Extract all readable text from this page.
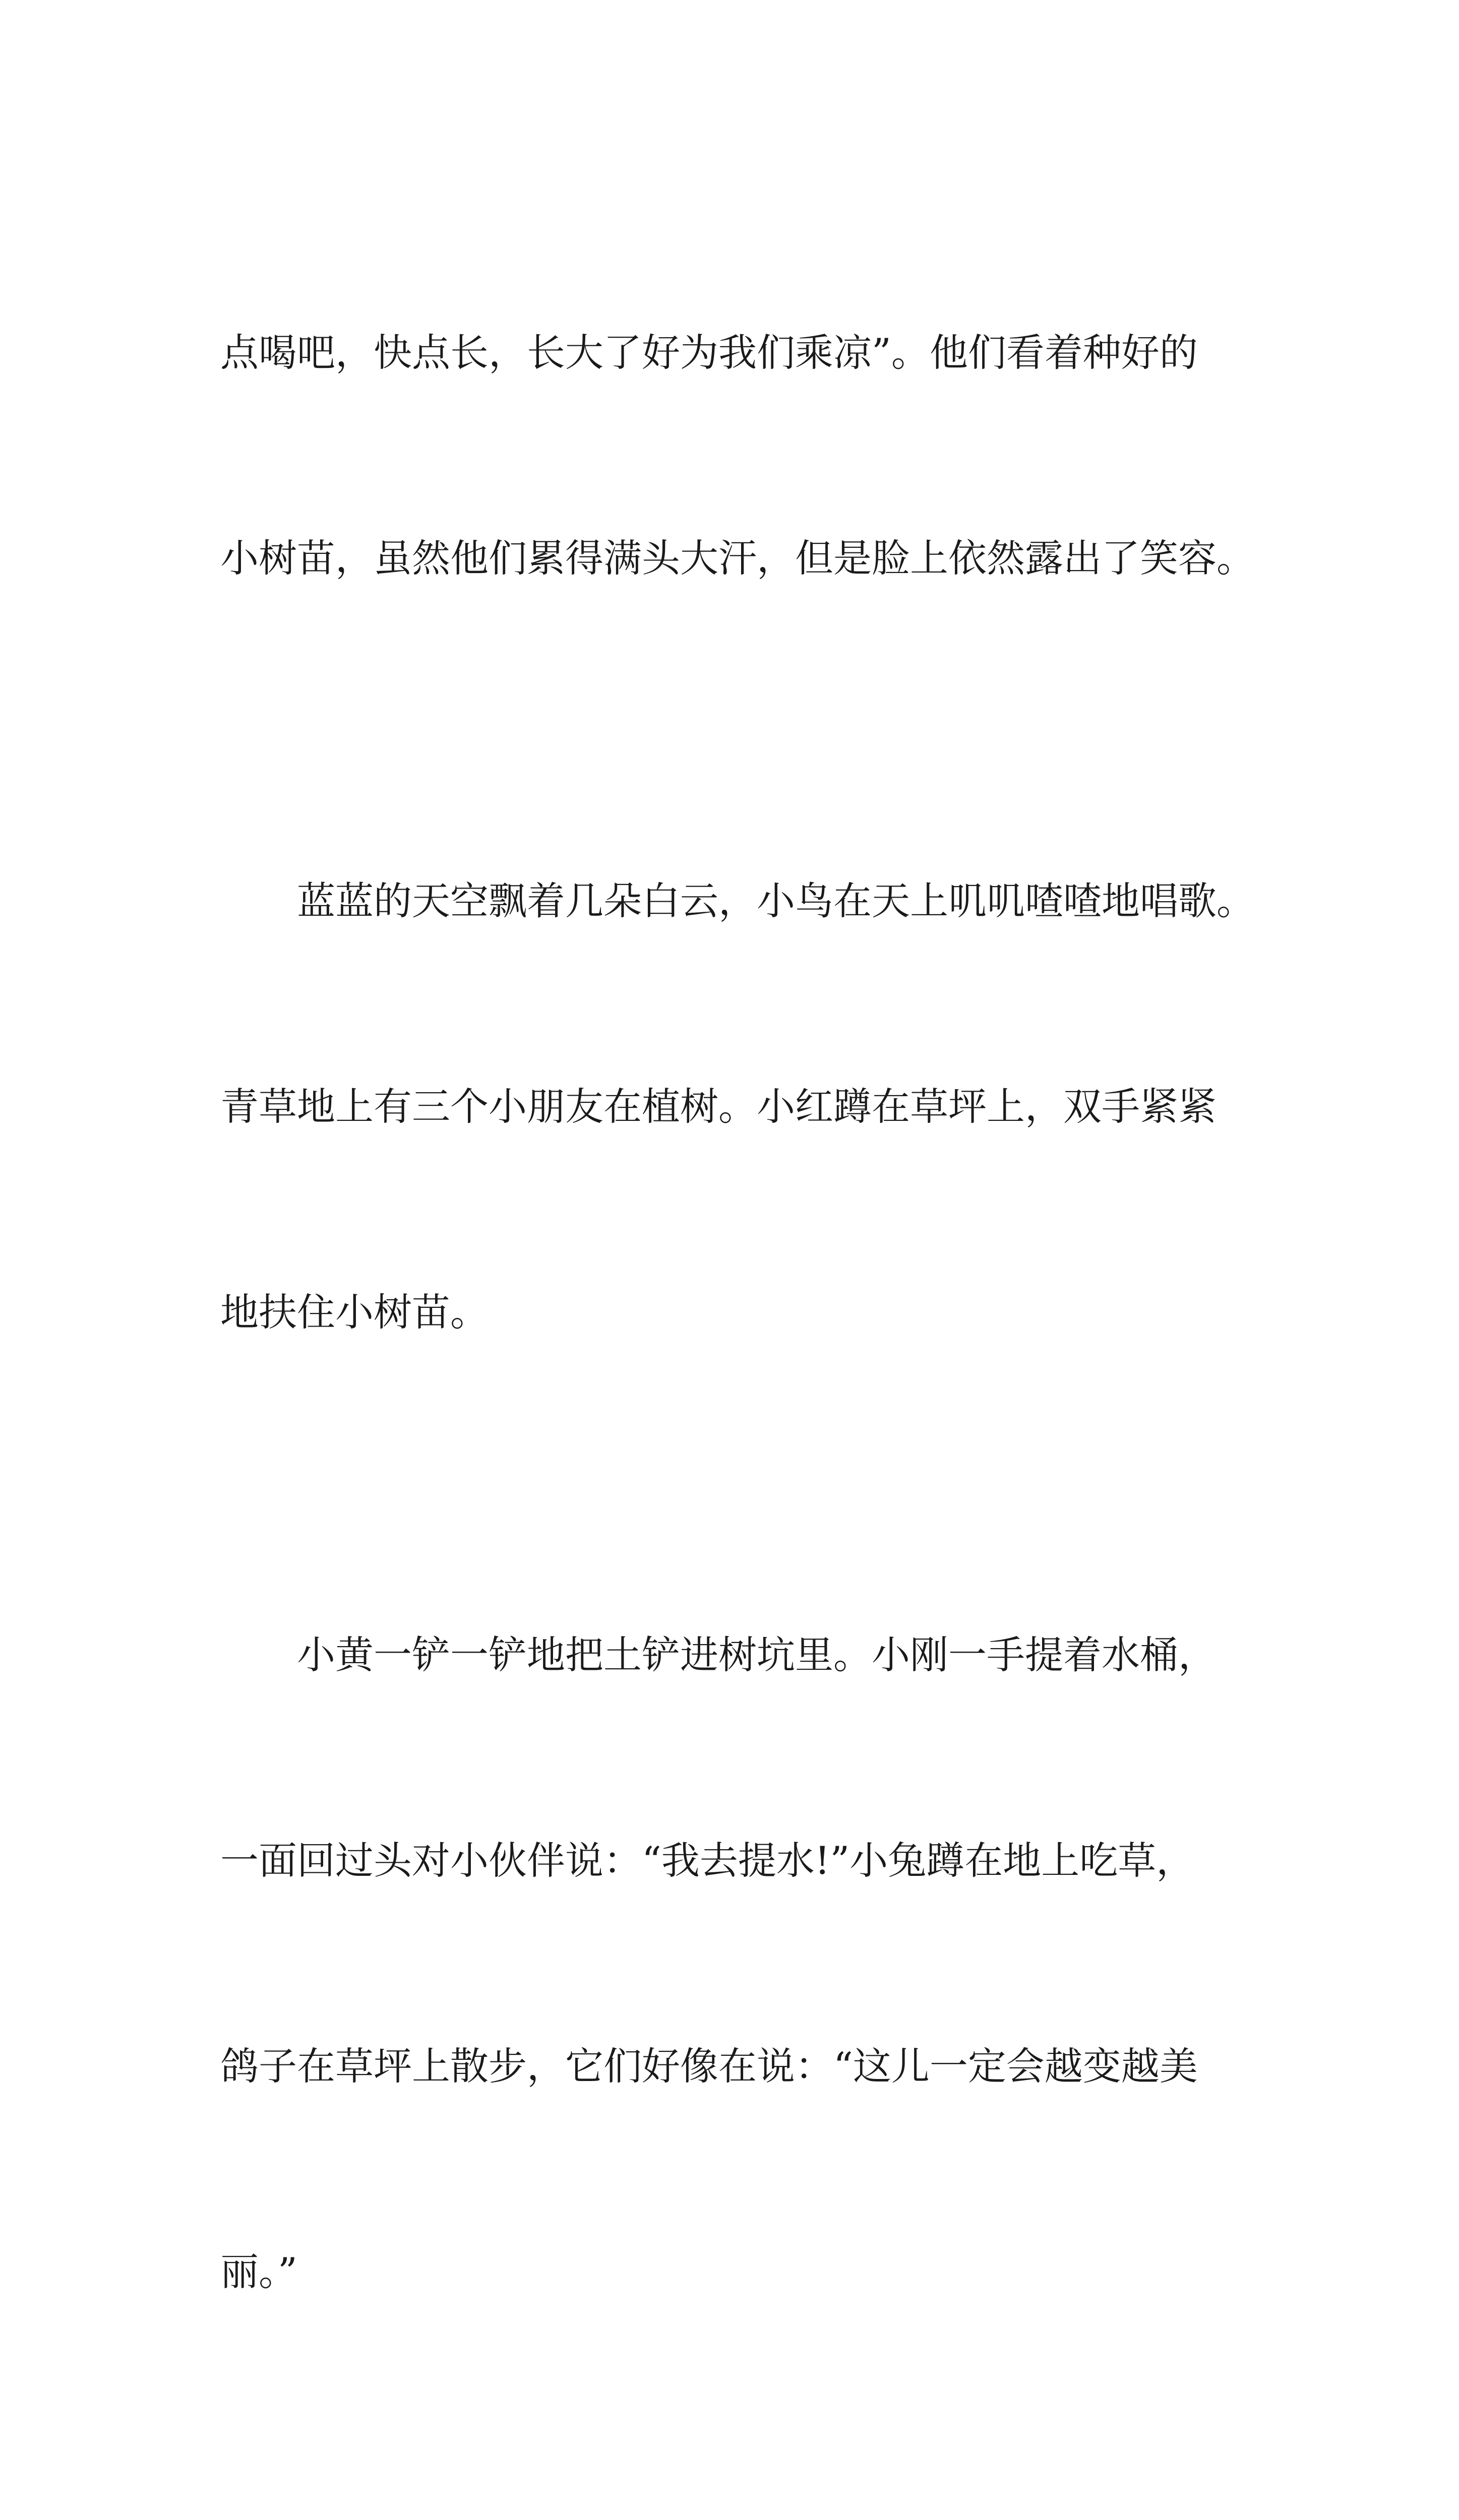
点喝吧，快点长，长大了好为我们乘凉”。他们看着种好的

小树苗，虽然他们累得满头大汗，但是脸上依然露出了笑容。

蓝蓝的天空飘着几朵白云，小鸟在天上叽叽喳喳地唱歌。

青草地上有三个小朋友在植树。小红蹲在草坪上，双手紧紧

地扶住小树苗。

小黄一铲一铲地把土铲进树坑里。小刚一手提着水桶，

一面回过头对小伙伴说：“我去提水!”小兔蹲在地上吃草，

鸽子在草坪上散步，它们好像在说：“这儿一定会越变越美

丽。”
